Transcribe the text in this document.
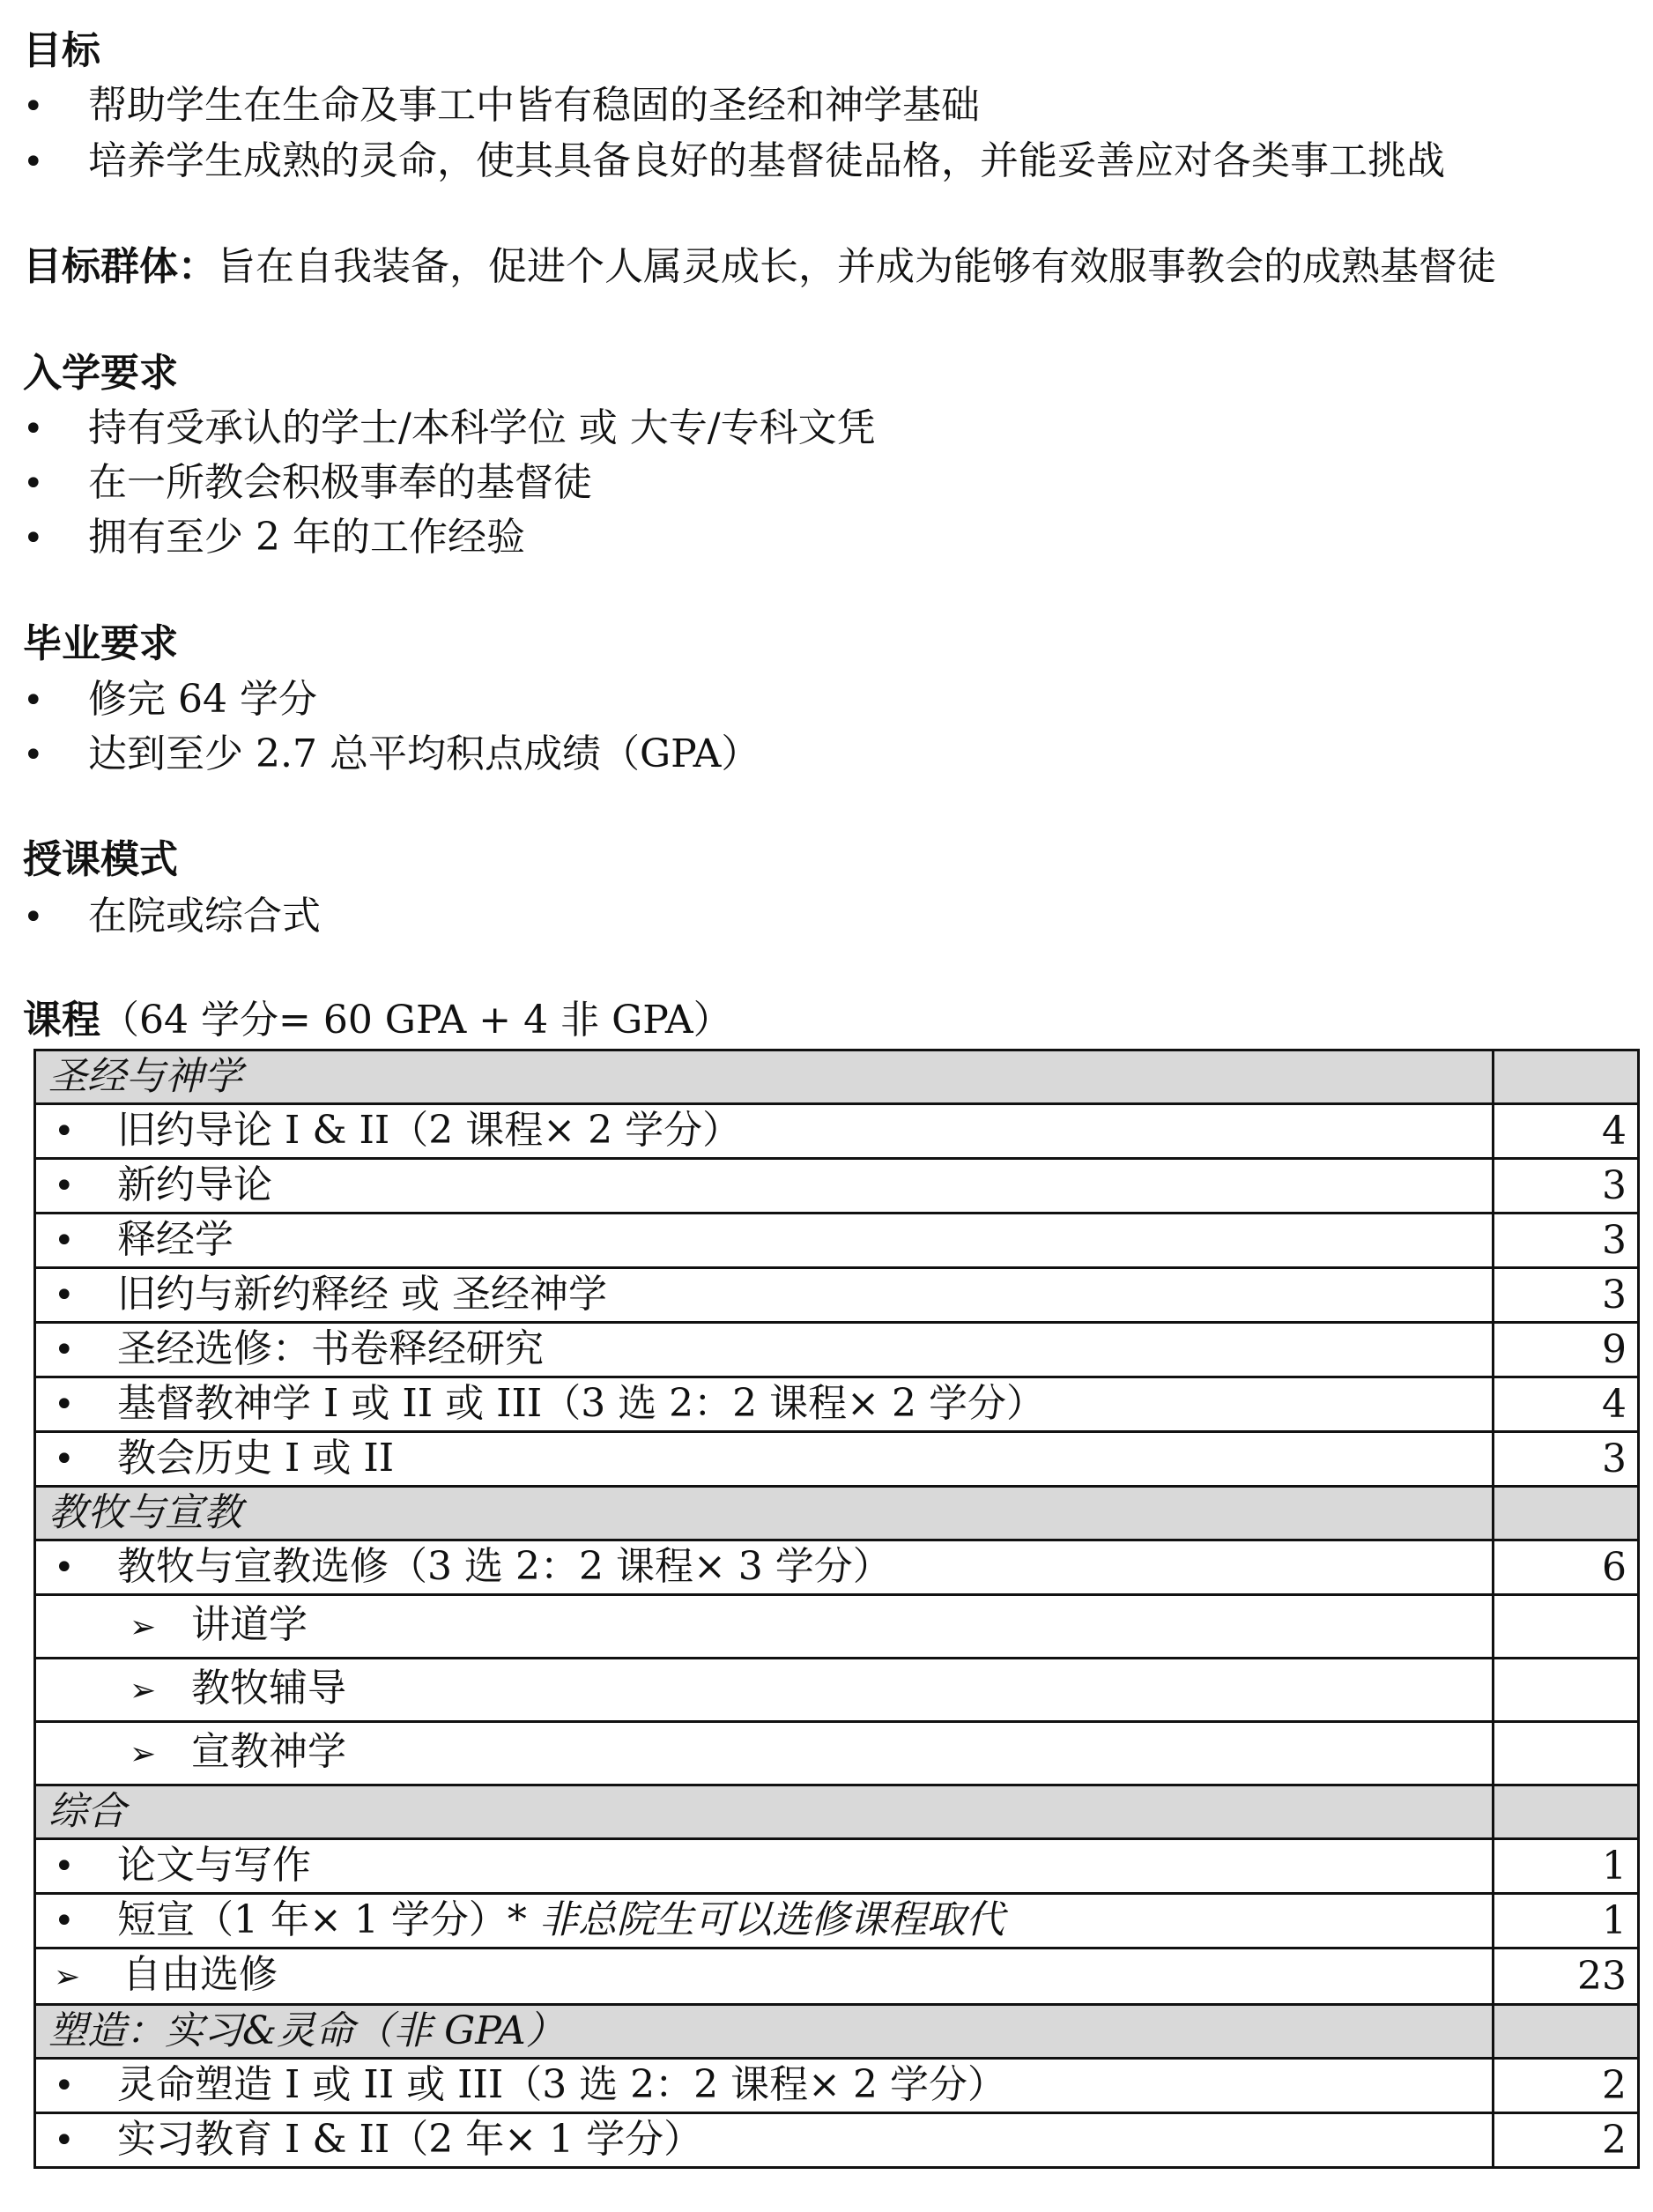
目标
• 帮助学生在生命及事工中皆有稳固的圣经和神学基础
• 培养学生成熟的灵命，使其具备良好的基督徒品格，并能妥善应对各类事工挑战
目标群体：旨在自我装备，促进个人属灵成长，并成为能够有效服事教会的成熟基督徒
入学要求
• 持有受承认的学士/本科学位 或 大专/专科文凭
• 在一所教会积极事奉的基督徒
• 拥有至少 2 年的工作经验
毕业要求
• 修完 64 学分
• 达到至少 2.7 总平均积点成绩（GPA）
授课模式
• 在院或综合式
课程（64 学分= 60 GPA + 4 非 GPA）
圣经与神学	
• 旧约导论 I & II（2 课程× 2 学分）	4
• 新约导论	3
• 释经学	3
• 旧约与新约释经 或 圣经神学	3
• 圣经选修：书卷释经研究	9
• 基督教神学 I 或 II 或 III（3 选 2：2 课程× 2 学分）	4
• 教会历史 I 或 II	3
教牧与宣教	
• 教牧与宣教选修（3 选 2：2 课程× 3 学分）	6
➢ 讲道学	
➢ 教牧辅导	
➢ 宣教神学	
综合	
• 论文与写作	1
• 短宣（1 年× 1 学分）* 非总院生可以选修课程取代	1
➢ 自由选修	23
塑造：实习&灵命（非 GPA）	
• 灵命塑造 I 或 II 或 III（3 选 2：2 课程× 2 学分）	2
• 实习教育 I & II（2 年× 1 学分）	2
